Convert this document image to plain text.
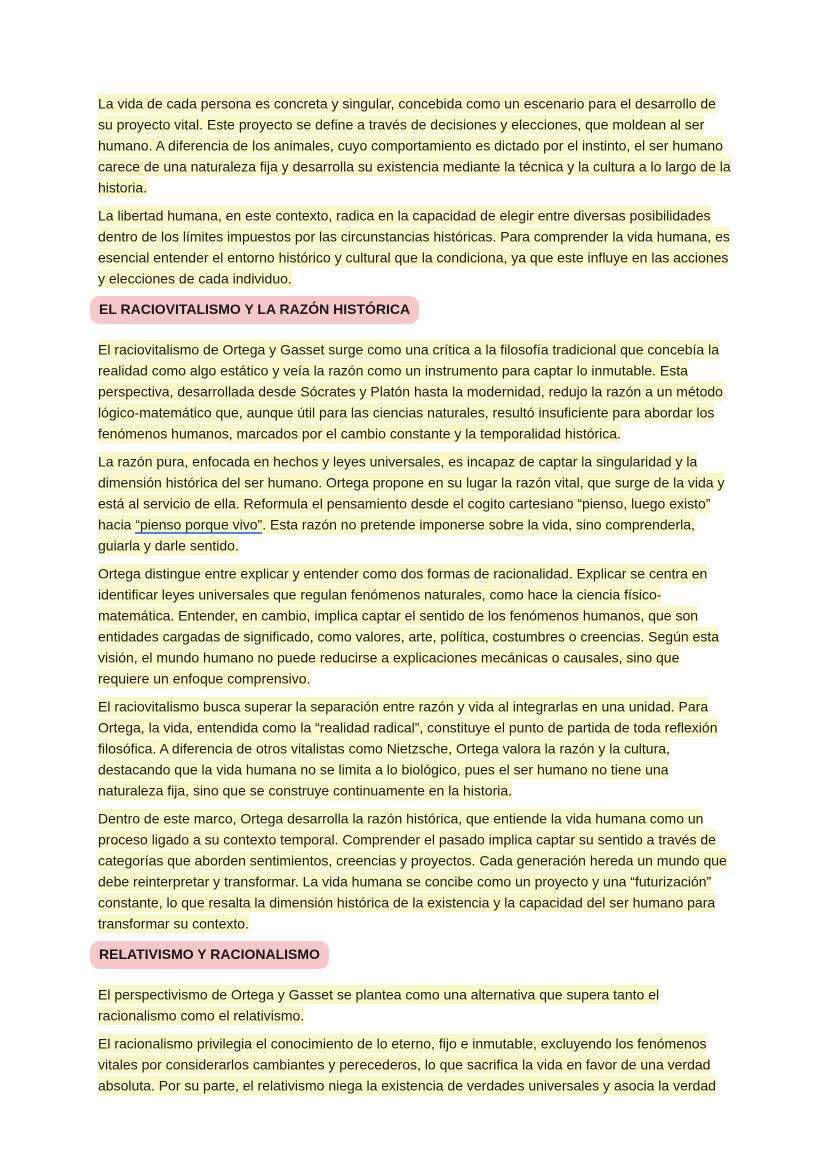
La vida de cada persona es concreta y singular, concebida como un escenario para el desarrollo de su proyecto vital. Este proyecto se define a través de decisiones y elecciones, que moldean al ser humano. A diferencia de los animales, cuyo comportamiento es dictado por el instinto, el ser humano carece de una naturaleza fija y desarrolla su existencia mediante la técnica y la cultura a lo largo de la historia.

La libertad humana, en este contexto, radica en la capacidad de elegir entre diversas posibilidades dentro de los límites impuestos por las circunstancias históricas. Para comprender la vida humana, es esencial entender el entorno histórico y cultural que la condiciona, ya que este influye en las acciones y elecciones de cada individuo.

EL RACIOVITALISMO Y LA RAZÓN HISTÓRICA

El raciovitalismo de Ortega y Gasset surge como una crítica a la filosofía tradicional que concebía la realidad como algo estático y veía la razón como un instrumento para captar lo inmutable. Esta perspectiva, desarrollada desde Sócrates y Platón hasta la modernidad, redujo la razón a un método lógico-matemático que, aunque útil para las ciencias naturales, resultó insuficiente para abordar los fenómenos humanos, marcados por el cambio constante y la temporalidad histórica.

La razón pura, enfocada en hechos y leyes universales, es incapaz de captar la singularidad y la dimensión histórica del ser humano. Ortega propone en su lugar la razón vital, que surge de la vida y está al servicio de ella. Reformula el pensamiento desde el cogito cartesiano “pienso, luego existo” hacia “pienso porque vivo”. Esta razón no pretende imponerse sobre la vida, sino comprenderla, guiarla y darle sentido.

Ortega distingue entre explicar y entender como dos formas de racionalidad. Explicar se centra en identificar leyes universales que regulan fenómenos naturales, como hace la ciencia físico-matemática. Entender, en cambio, implica captar el sentido de los fenómenos humanos, que son entidades cargadas de significado, como valores, arte, política, costumbres o creencias. Según esta visión, el mundo humano no puede reducirse a explicaciones mecánicas o causales, sino que requiere un enfoque comprensivo.

El raciovitalismo busca superar la separación entre razón y vida al integrarlas en una unidad. Para Ortega, la vida, entendida como la “realidad radical”, constituye el punto de partida de toda reflexión filosófica. A diferencia de otros vitalistas como Nietzsche, Ortega valora la razón y la cultura, destacando que la vida humana no se limita a lo biológico, pues el ser humano no tiene una naturaleza fija, sino que se construye continuamente en la historia.

Dentro de este marco, Ortega desarrolla la razón histórica, que entiende la vida humana como un proceso ligado a su contexto temporal. Comprender el pasado implica captar su sentido a través de categorías que aborden sentimientos, creencias y proyectos. Cada generación hereda un mundo que debe reinterpretar y transformar. La vida humana se concibe como un proyecto y una “futurización” constante, lo que resalta la dimensión histórica de la existencia y la capacidad del ser humano para transformar su contexto.

RELATIVISMO Y RACIONALISMO

El perspectivismo de Ortega y Gasset se plantea como una alternativa que supera tanto el racionalismo como el relativismo.

El racionalismo privilegia el conocimiento de lo eterno, fijo e inmutable, excluyendo los fenómenos vitales por considerarlos cambiantes y perecederos, lo que sacrifica la vida en favor de una verdad absoluta. Por su parte, el relativismo niega la existencia de verdades universales y asocia la verdad
